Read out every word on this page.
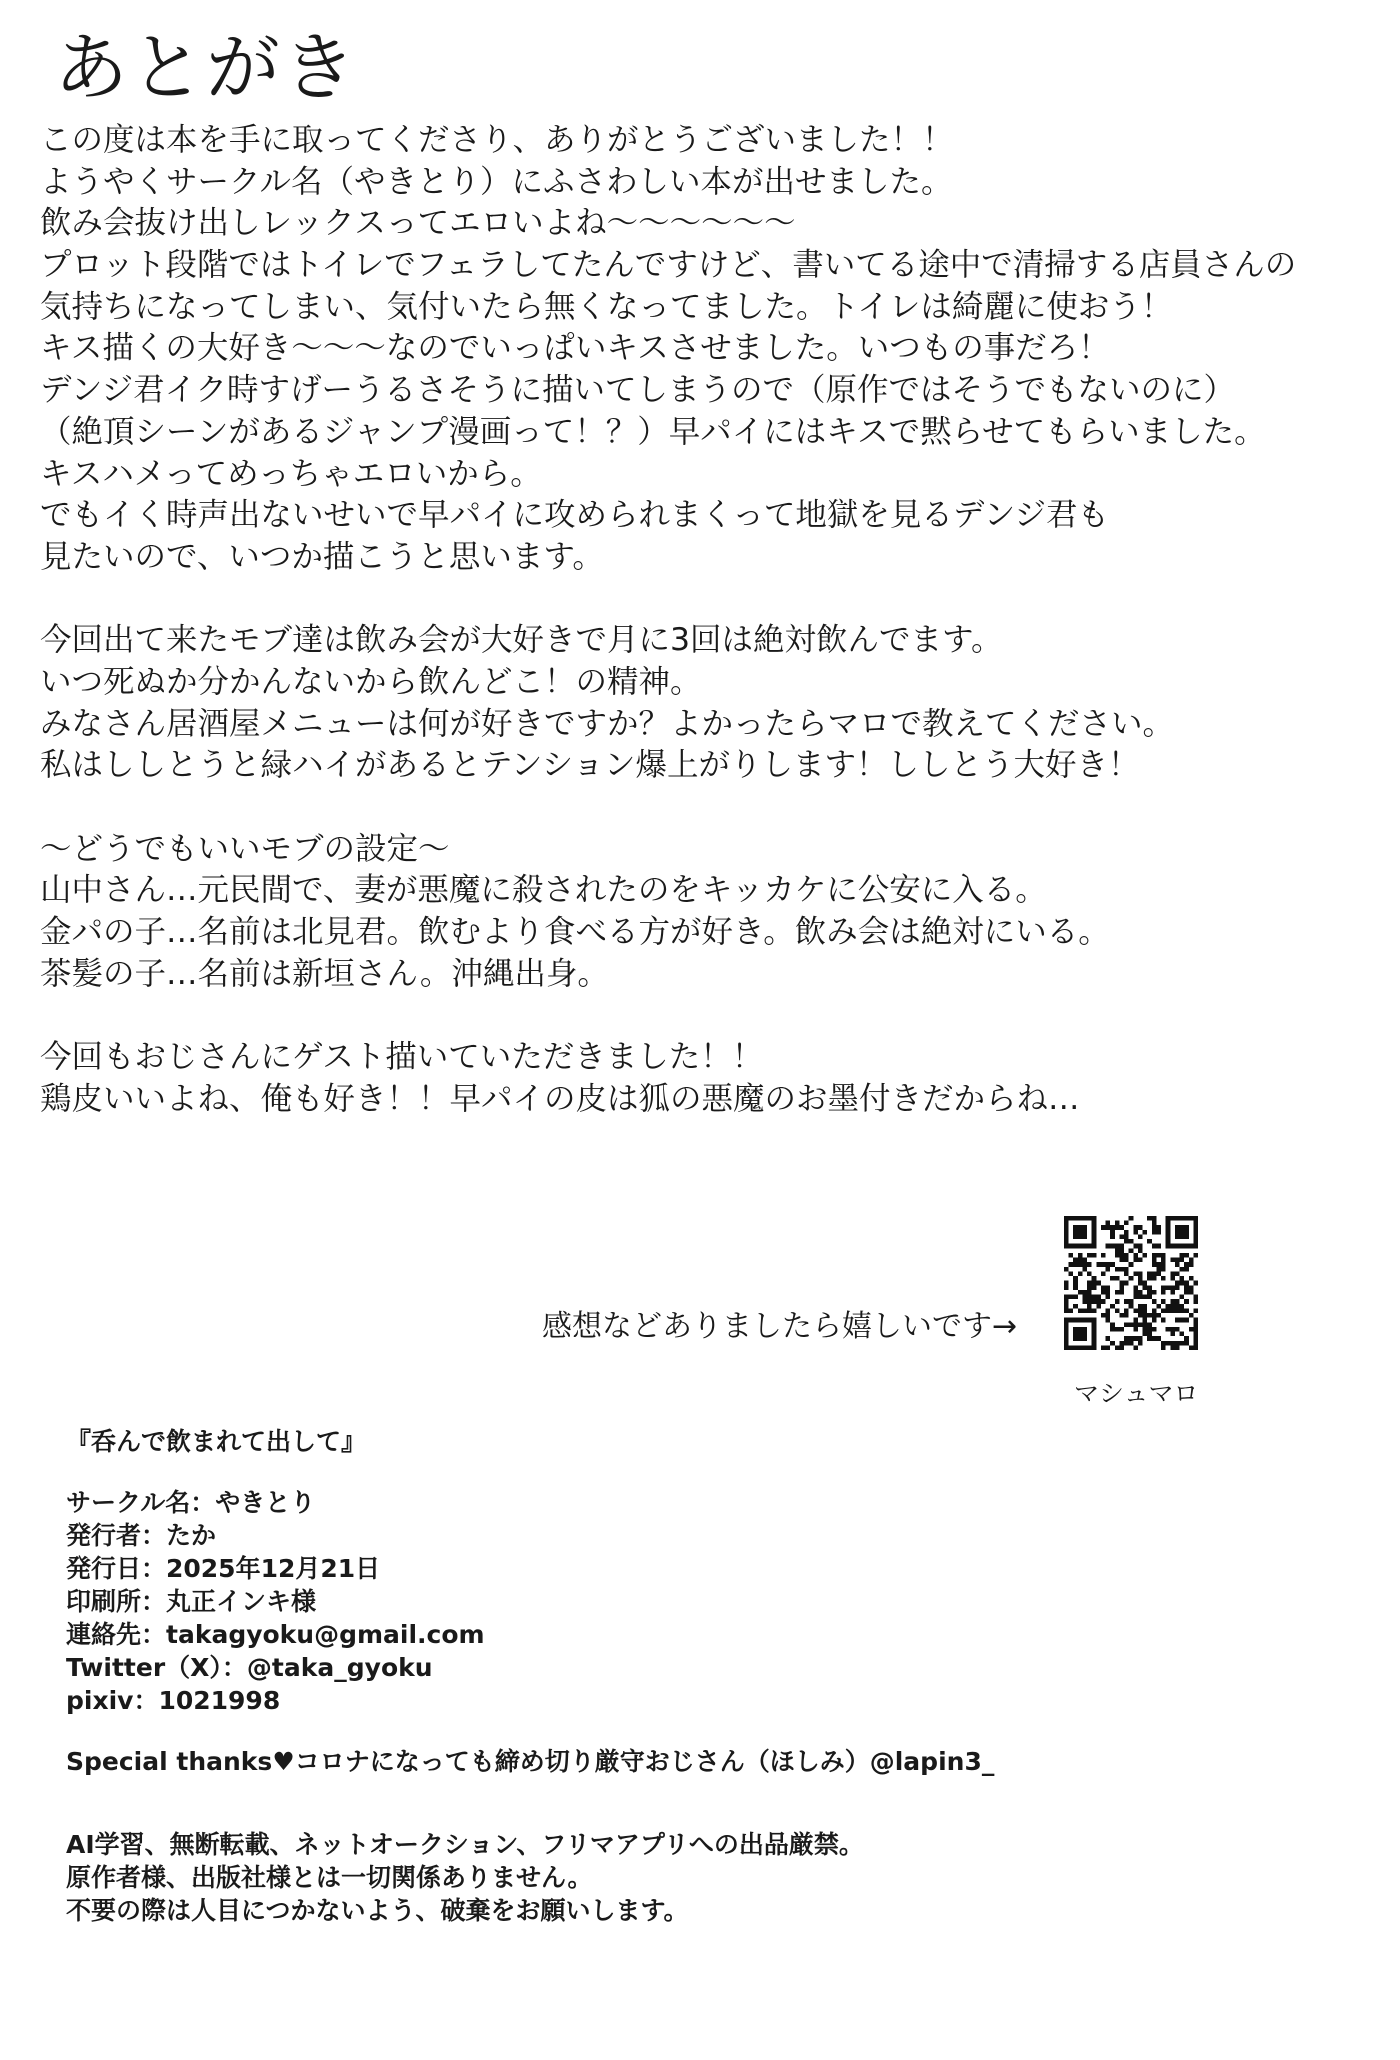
あとがき
この度は本を手に取ってくださり、ありがとうございました！！
ようやくサークル名（やきとり）にふさわしい本が出せました。
飲み会抜け出しレックスってエロいよね〜〜〜〜〜〜
プロット段階ではトイレでフェラしてたんですけど、書いてる途中で清掃する店員さんの
気持ちになってしまい、気付いたら無くなってました。トイレは綺麗に使おう！
キス描くの大好き〜〜〜なのでいっぱいキスさせました。いつもの事だろ！
デンジ君イク時すげーうるさそうに描いてしまうので（原作ではそうでもないのに）
（絶頂シーンがあるジャンプ漫画って！？）早パイにはキスで黙らせてもらいました。
キスハメってめっちゃエロいから。
でもイく時声出ないせいで早パイに攻められまくって地獄を見るデンジ君も
見たいので、いつか描こうと思います。
今回出て来たモブ達は飲み会が大好きで月に3回は絶対飲んでます。
いつ死ぬか分かんないから飲んどこ！の精神。
みなさん居酒屋メニューは何が好きですか？よかったらマロで教えてください。
私はししとうと緑ハイがあるとテンション爆上がりします！ししとう大好き！
〜どうでもいいモブの設定〜
山中さん…元民間で、妻が悪魔に殺されたのをキッカケに公安に入る。
金パの子…名前は北見君。飲むより食べる方が好き。飲み会は絶対にいる。
茶髪の子…名前は新垣さん。沖縄出身。
今回もおじさんにゲスト描いていただきました！！
鶏皮いいよね、俺も好き！！早パイの皮は狐の悪魔のお墨付きだからね…
感想などありましたら嬉しいです→
マシュマロ
『呑んで飲まれて出して』
サークル名：やきとり
発行者：たか
発行日：2025年12月21日
印刷所：丸正インキ様
連絡先：takagyoku@gmail.com
Twitter（X）：@taka_gyoku
pixiv：1021998
Special thanks♥コロナになっても締め切り厳守おじさん（ほしみ）@lapin3_
AI学習、無断転載、ネットオークション、フリマアプリへの出品厳禁。
原作者様、出版社様とは一切関係ありません。
不要の際は人目につかないよう、破棄をお願いします。
